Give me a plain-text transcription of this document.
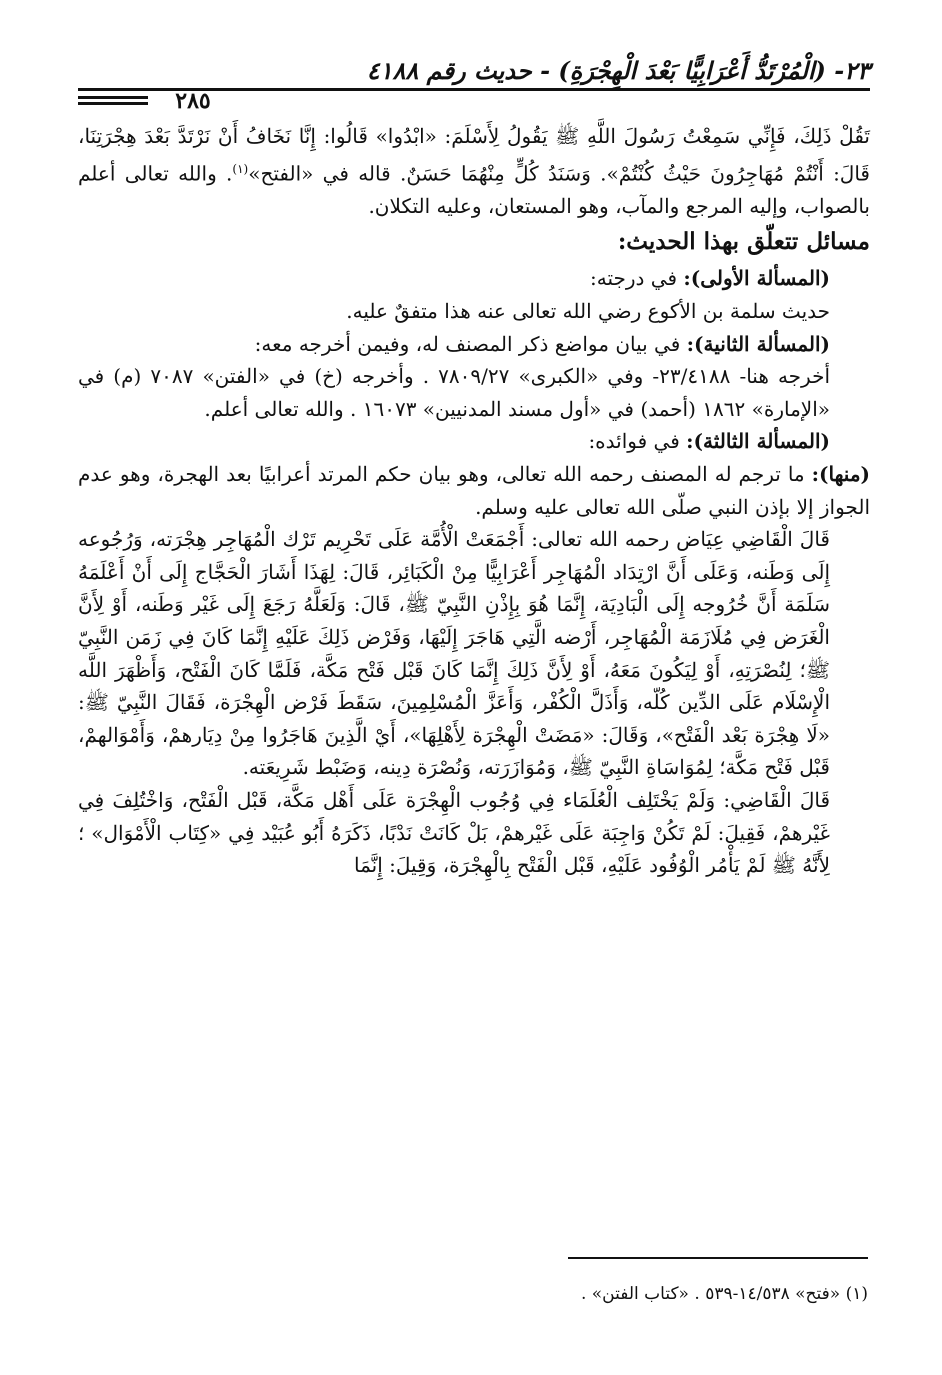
٢٣- (الْمُرْتَدُّ أَعْرَابِيًّا بَعْدَ الْهِجْرَةِ) - حديث رقم ٤١٨٨
٢٨٥

تَقُلْ ذَلِكَ، فَإِنِّي سَمِعْتُ رَسُولَ اللَّهِ ﷺ يَقُولُ لِأَسْلَمَ: «ابْدُوا» قَالُوا: إِنَّا نَخَافُ أَنْ نَرْتَدَّ بَعْدَ هِجْرَتِنَا، قَالَ: أَنْتُمْ مُهَاجِرُونَ حَيْثُ كُنْتُمْ». وَسَنَدُ كُلٍّ مِنْهُمَا حَسَنٌ. قاله في «الفتح»$^{(١)}$. والله تعالى أعلم بالصواب، وإليه المرجع والمآب، وهو المستعان، وعليه التكلان.

مسائل تتعلّق بهذا الحديث:

(المسألة الأولى): في درجته:

حديث سلمة بن الأكوع رضي الله تعالى عنه هذا متفقٌ عليه.

(المسألة الثانية): في بيان مواضع ذكر المصنف له، وفيمن أخرجه معه:

أخرجه هنا- ٢٣/٤١٨٨- وفي «الكبرى» ٧٨٠٩/٢٧ . وأخرجه (خ) في «الفتن» ٧٠٨٧ (م) في «الإمارة» ١٨٦٢ (أحمد) في «أول مسند المدنيين» ١٦٠٧٣ . والله تعالى أعلم.

(المسألة الثالثة): في فوائده:

(منها): ما ترجم له المصنف رحمه الله تعالى، وهو بيان حكم المرتد أعرابيًا بعد الهجرة، وهو عدم الجواز إلا بإذن النبي صلّى الله تعالى عليه وسلم.

قَالَ الْقَاضِي عِيَاض رحمه الله تعالى: أَجْمَعَتْ الْأُمَّة عَلَى تَحْرِيم تَرْك الْمُهَاجِر هِجْرَته، وَرُجُوعه إِلَى وَطَنه، وَعَلَى أَنَّ ارْتِدَاد الْمُهَاجِر أَعْرَابِيًّا مِنْ الْكَبَائِر، قَالَ: لِهَذَا أَشَارَ الْحَجَّاج إِلَى أَنْ أَعْلَمَهُ سَلَمَة أَنَّ خُرُوجه إِلَى الْبَادِيَة، إِنَّمَا هُوَ بِإِذْنِ النَّبِيّ ﷺ، قَالَ: وَلَعَلَّهُ رَجَعَ إِلَى غَيْر وَطَنه، أَوْ لِأَنَّ الْغَرَض فِي مُلَازَمَة الْمُهَاجِر، أَرْضه الَّتِي هَاجَرَ إِلَيْهَا، وَفَرْض ذَلِكَ عَلَيْهِ إِنَّمَا كَانَ فِي زَمَن النَّبِيّ ﷺ؛ لِنُصْرَتِهِ، أَوْ لِيَكُونَ مَعَهُ، أَوْ لِأَنَّ ذَلِكَ إِنَّمَا كَانَ قَبْل فَتْح مَكَّة، فَلَمَّا كَانَ الْفَتْح، وَأَظْهَرَ اللَّه الْإِسْلَام عَلَى الدِّين كُلّه، وَأَذَلَّ الْكُفْر، وَأَعَزَّ الْمُسْلِمِينَ، سَقَطَ فَرْض الْهِجْرَة، فَقَالَ النَّبِيّ ﷺ: «لَا هِجْرَة بَعْد الْفَتْح»، وَقَالَ: «مَضَتْ الْهِجْرَة لِأَهْلِهَا»، أَيْ الَّذِينَ هَاجَرُوا مِنْ دِيَارهمْ، وَأَمْوَالهمْ، قَبْل فَتْح مَكَّة؛ لِمُوَاسَاةِ النَّبِيّ ﷺ، وَمُوَازَرَته، وَنُصْرَة دِينه، وَضَبْط شَرِيعَته.

قَالَ الْقَاضِي: وَلَمْ يَخْتَلِف الْعُلَمَاء فِي وُجُوب الْهِجْرَة عَلَى أَهْل مَكَّة، قَبْل الْفَتْح، وَاخْتُلِفَ فِي غَيْرهمْ، فَقِيلَ: لَمْ تَكُنْ وَاجِبَة عَلَى غَيْرهمْ، بَلْ كَانَتْ نَدْبًا، ذَكَرَهُ أَبُو عُبَيْد فِي «كِتَاب الْأَمْوَال» ؛ لِأَنَّهُ ﷺ لَمْ يَأْمُر الْوُفُود عَلَيْهِ، قَبْل الْفَتْح بِالْهِجْرَة، وَقِيلَ: إِنَّمَا

(١) «فتح» ١٤/٥٣٨-٥٣٩ . «كتاب الفتن» .
